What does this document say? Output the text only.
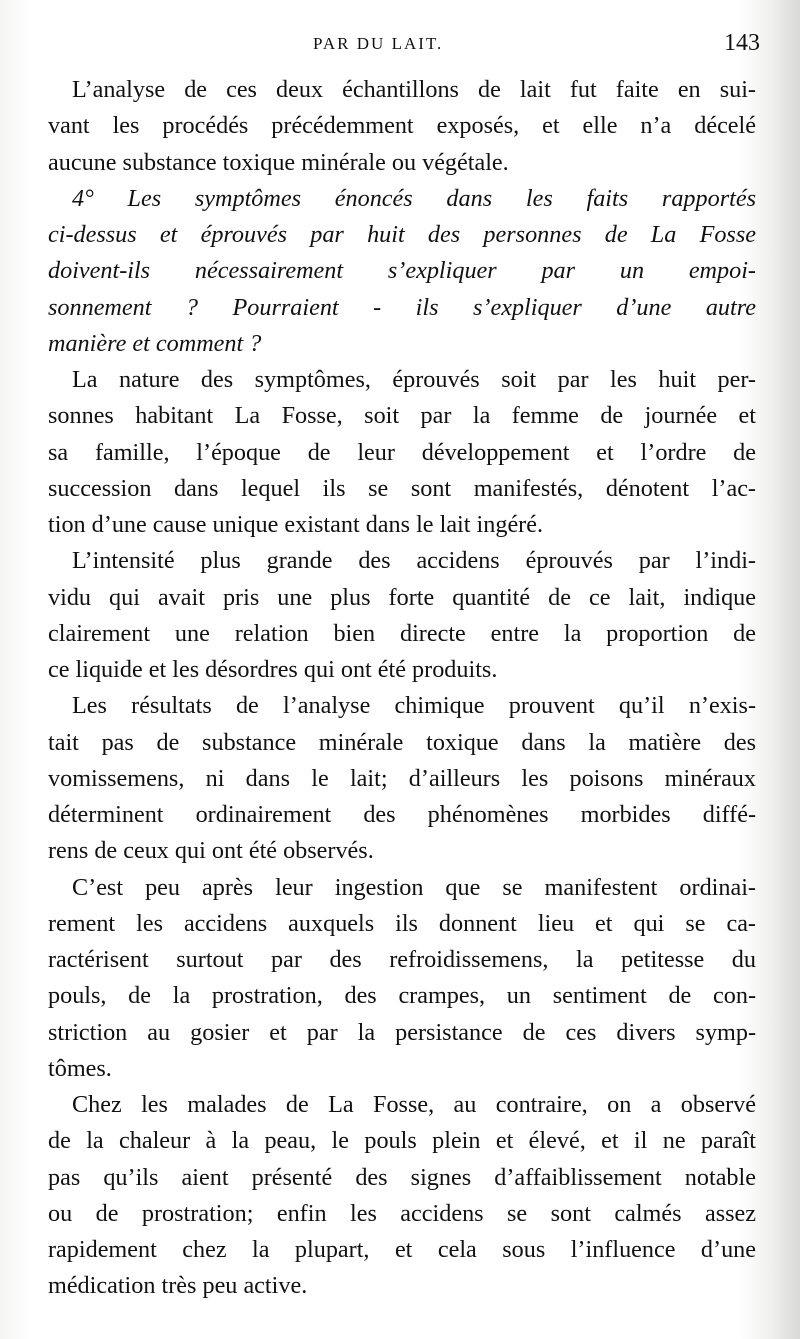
PAR DU LAIT.	143
L’analyse de ces deux échantillons de lait fut faite en sui-
vant les procédés précédemment exposés, et elle n’a décelé
aucune substance toxique minérale ou végétale.
4° Les symptômes énoncés dans les faits rapportés
ci-dessus et éprouvés par huit des personnes de La Fosse
doivent-ils nécessairement s’expliquer par un empoi-
sonnement ? Pourraient - ils s’expliquer d’une autre
manière et comment ?
La nature des symptômes, éprouvés soit par les huit per-
sonnes habitant La Fosse, soit par la femme de journée et
sa famille, l’époque de leur développement et l’ordre de
succession dans lequel ils se sont manifestés, dénotent l’ac-
tion d’une cause unique existant dans le lait ingéré.
L’intensité plus grande des accidens éprouvés par l’indi-
vidu qui avait pris une plus forte quantité de ce lait, indique
clairement une relation bien directe entre la proportion de
ce liquide et les désordres qui ont été produits.
Les résultats de l’analyse chimique prouvent qu’il n’exis-
tait pas de substance minérale toxique dans la matière des
vomissemens, ni dans le lait; d’ailleurs les poisons minéraux
déterminent ordinairement des phénomènes morbides diffé-
rens de ceux qui ont été observés.
C’est peu après leur ingestion que se manifestent ordinai-
rement les accidens auxquels ils donnent lieu et qui se ca-
ractérisent surtout par des refroidissemens, la petitesse du
pouls, de la prostration, des crampes, un sentiment de con-
striction au gosier et par la persistance de ces divers symp-
tômes.
Chez les malades de La Fosse, au contraire, on a observé
de la chaleur à la peau, le pouls plein et élevé, et il ne paraît
pas qu’ils aient présenté des signes d’affaiblissement notable
ou de prostration; enfin les accidens se sont calmés assez
rapidement chez la plupart, et cela sous l’influence d’une
médication très peu active.
